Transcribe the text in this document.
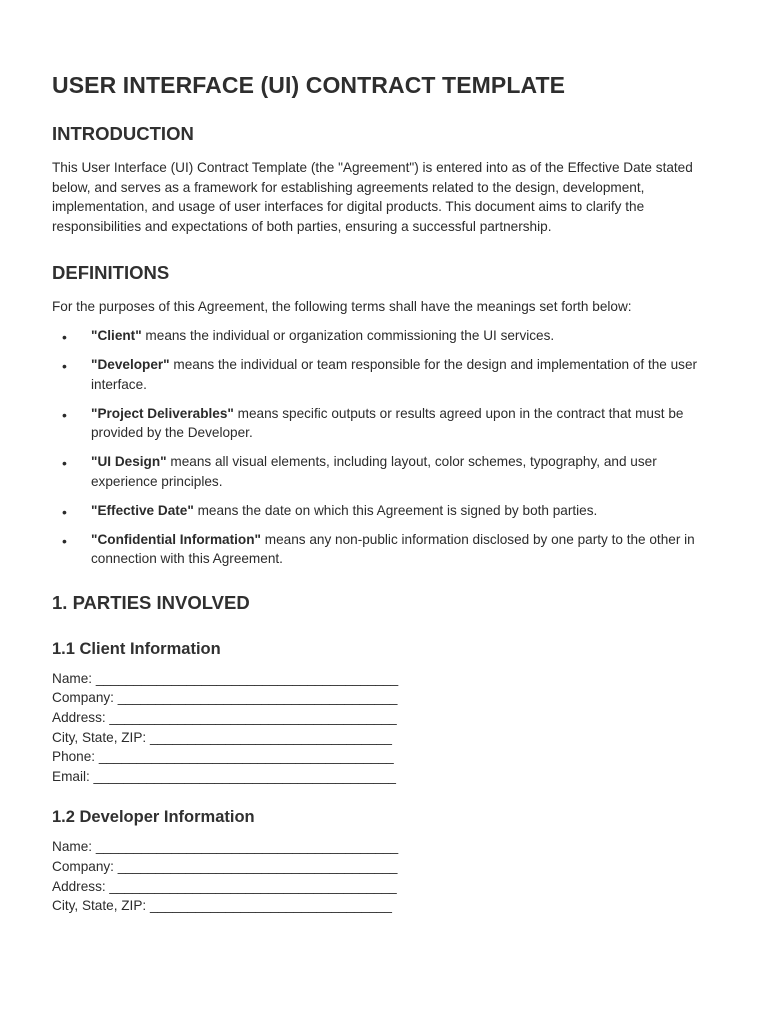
USER INTERFACE (UI) CONTRACT TEMPLATE
INTRODUCTION

This User Interface (UI) Contract Template (the "Agreement") is entered into as of the Effective Date stated below, and serves as a framework for establishing agreements related to the design, development, implementation, and usage of user interfaces for digital products. This document aims to clarify the responsibilities and expectations of both parties, ensuring a successful partnership.

DEFINITIONS

For the purposes of this Agreement, the following terms shall have the meanings set forth below:

• "Client" means the individual or organization commissioning the UI services.
• "Developer" means the individual or team responsible for the design and implementation of the user interface.
• "Project Deliverables" means specific outputs or results agreed upon in the contract that must be provided by the Developer.
• "UI Design" means all visual elements, including layout, color schemes, typography, and user experience principles.
• "Effective Date" means the date on which this Agreement is signed by both parties.
• "Confidential Information" means any non-public information disclosed by one party to the other in connection with this Agreement.
1. PARTIES INVOLVED
1.1 Client Information
Name: ________________________________________
Company: _____________________________________
Address: ______________________________________
City, State, ZIP: ________________________________
Phone: _______________________________________
Email: ________________________________________
1.2 Developer Information
Name: ________________________________________
Company: _____________________________________
Address: ______________________________________
City, State, ZIP: ________________________________
